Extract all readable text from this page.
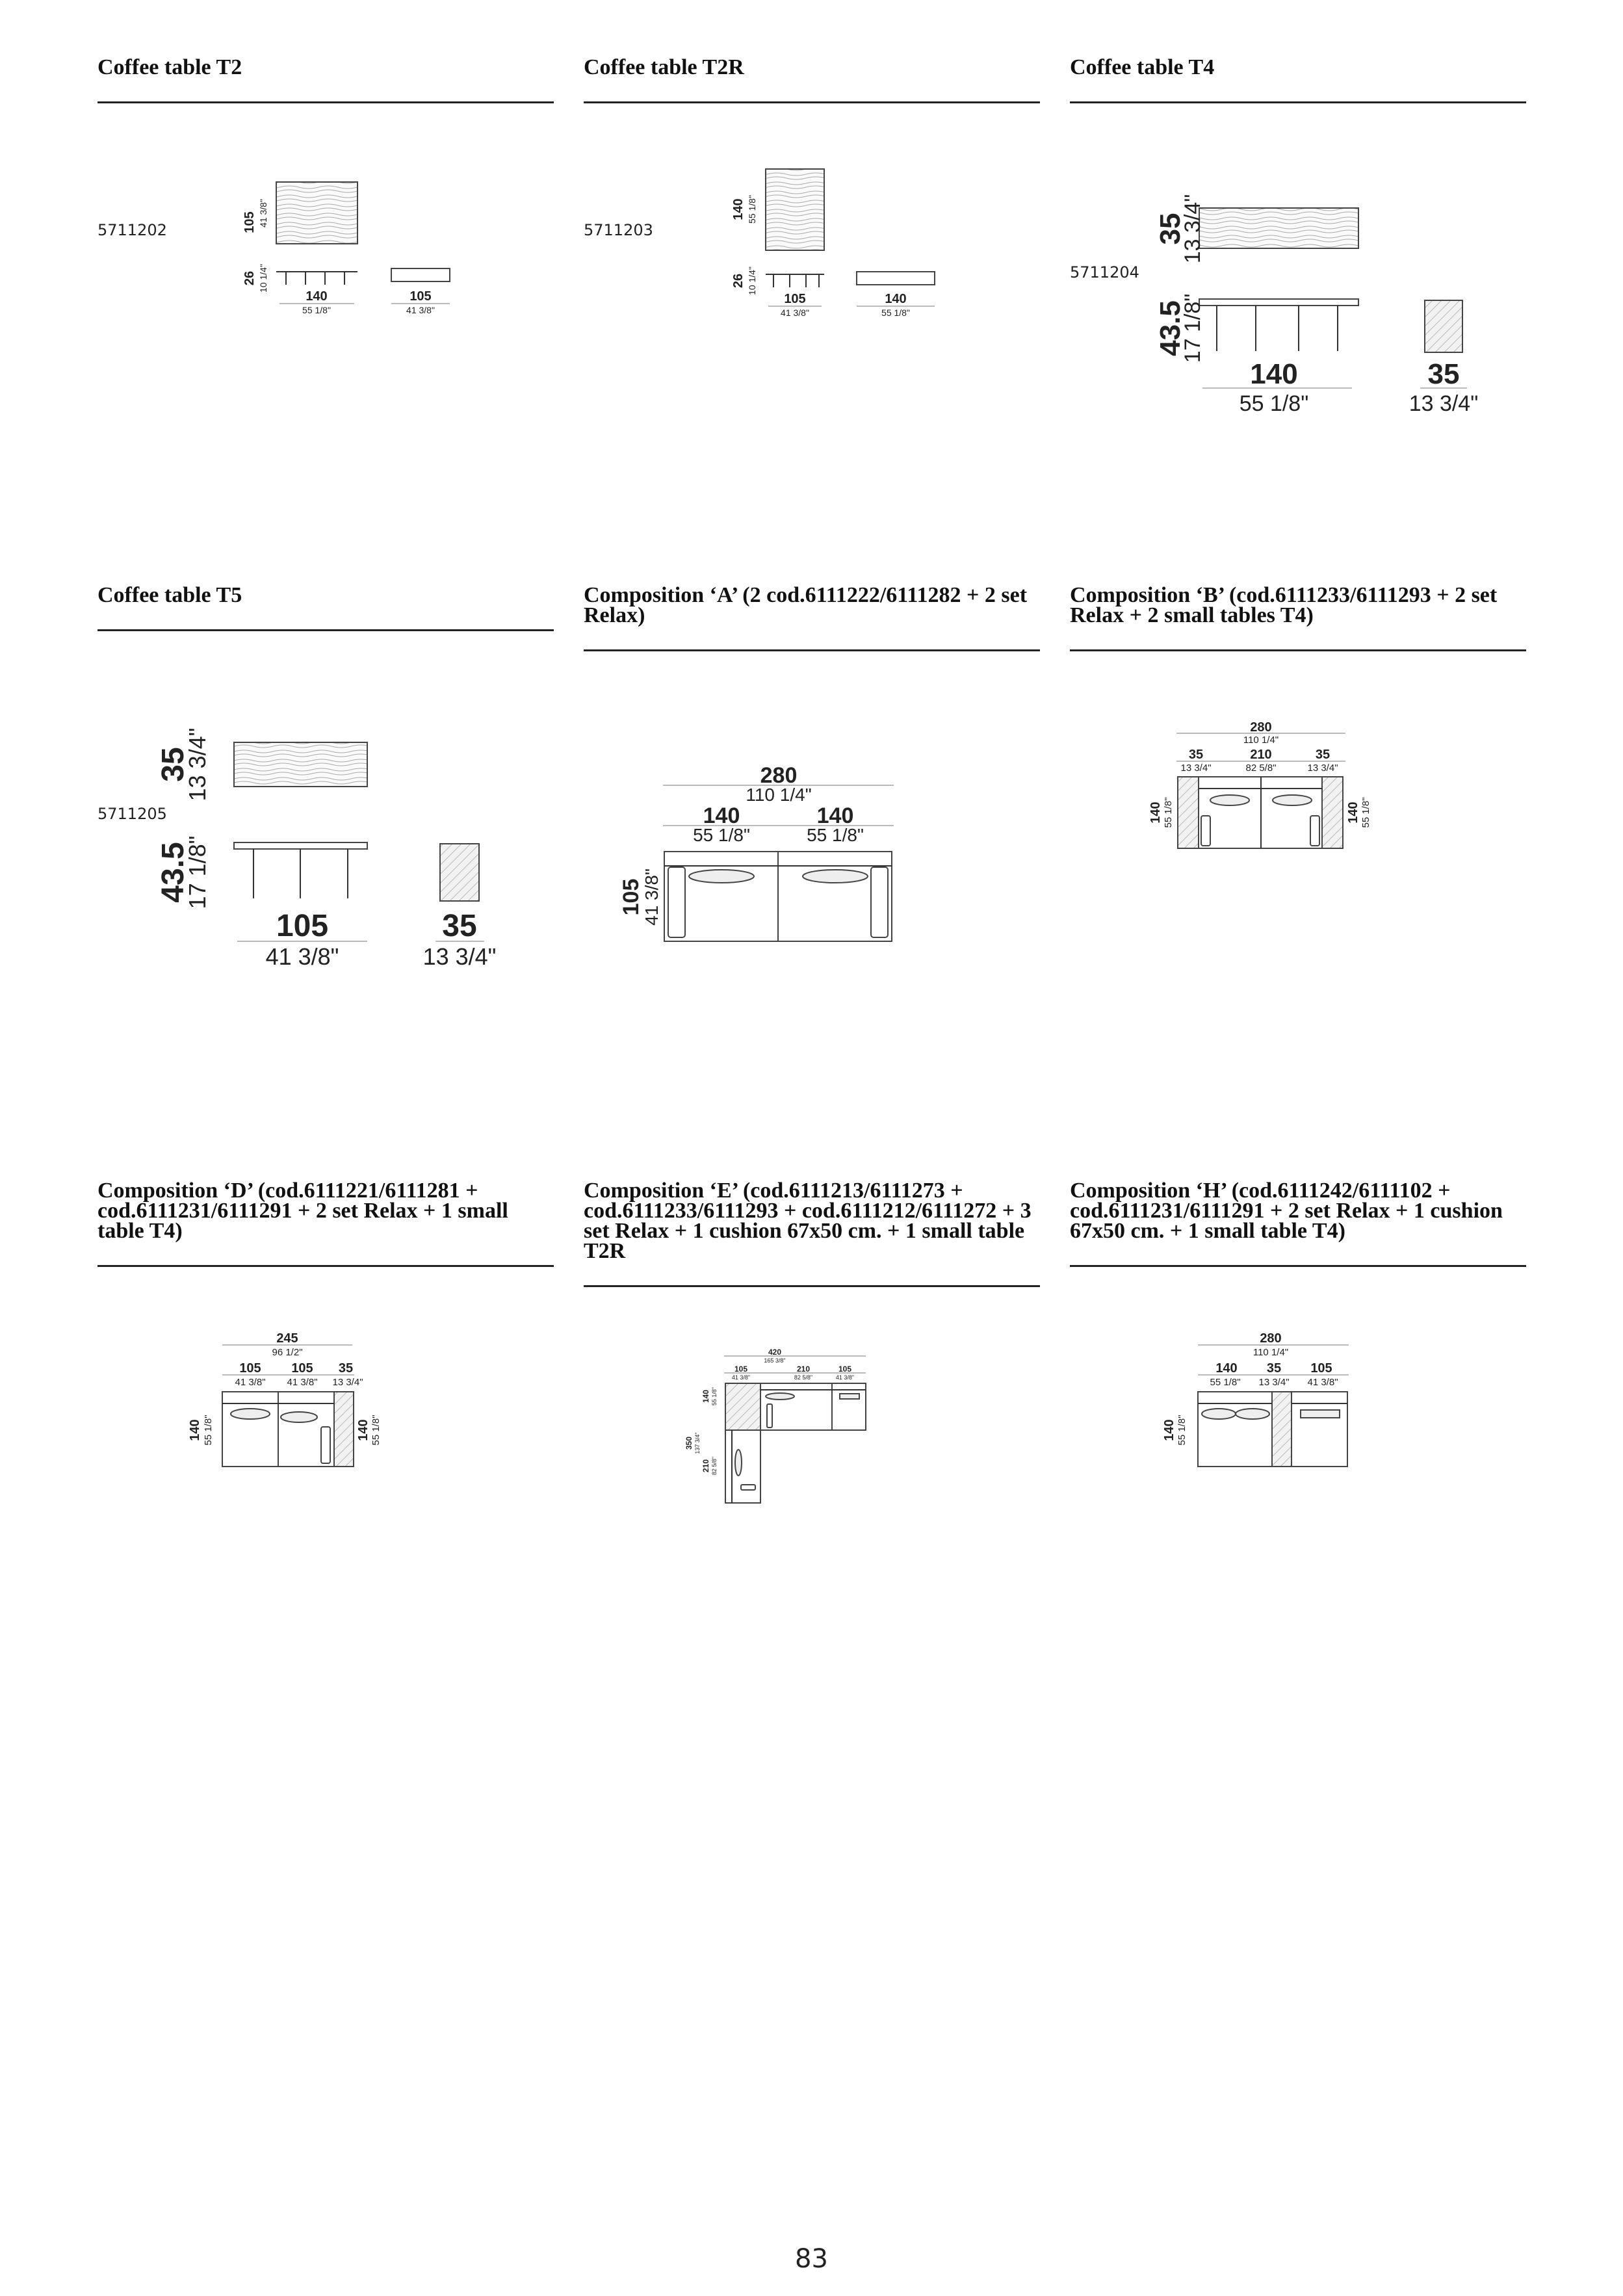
Coffee table T2
5711202	105 41 3/8"
26 10 1/4"
140
55 1/8"
105
41 3/8"
Coffee table T2R
5711203
140 55 1/8"
26 10 1/4"
105
41 3/8"
140
55 1/8"
Coffee table T4
5711204
35
13 3/4"
43.5
17 1/8"
140
55 1/8"
35
13 3/4"
Coffee table T5
5711205
35
13 3/4"
43.5
17 1/8"
105
41 3/8"
35
13 3/4"
Composition ‘A’ (2 cod.6111222/6111282 + 2 set Relax)
280
110 1/4"
140	140
55 1/8"	55 1/8"
105
41 3/8"
Composition ‘B’ (cod.6111233/6111293 + 2 set Relax + 2 small tables T4)
280
110 1/4"
35	210	35
13 3/4"	82 5/8"	13 3/4"
140 55 1/8"	140 55 1/8"
Composition ‘D’ (cod.6111221/6111281 + cod.6111231/6111291 + 2 set Relax + 1 small table T4)
245
96 1/2"
105 105 35
41 3/8" 41 3/8" 13 3/4"
140 55 1/8"	140 55 1/8"
Composition ‘E’ (cod.6111213/6111273 + cod.6111233/6111293 + cod.6111212/6111272 + 3 set Relax + 1 cushion 67x50 cm. + 1 small table T2R
420
165 3/8"
105	210	105
41 3/8"	82 5/8"	41 3/8"
140 55 1/8"
350 137 3/4"
210 82 5/8"
Composition ‘H’ (cod.6111242/6111102 + cod.6111231/6111291 + 2 set Relax + 1 cushion 67x50 cm. + 1 small table T4)
280
110 1/4"
140 35 105
55 1/8" 13 3/4" 41 3/8"
140 55 1/8"
83
